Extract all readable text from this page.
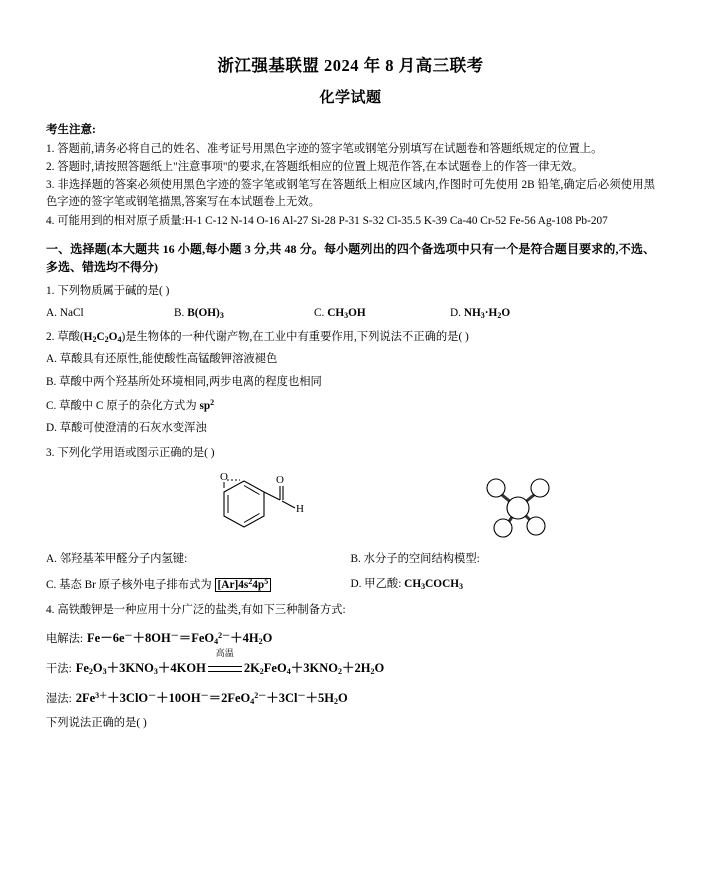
浙江强基联盟 2024 年 8 月高三联考
化学试题
考生注意:
1. 答题前,请务必将自己的姓名、准考证号用黑色字迹的签字笔或钢笔分别填写在试题卷和答题纸规定的位置上。
2. 答题时,请按照答题纸上"注意事项"的要求,在答题纸相应的位置上规范作答,在本试题卷上的作答一律无效。
3. 非选择题的答案必须使用黑色字迹的签字笔或钢笔写在答题纸上相应区域内,作图时可先使用 2B 铅笔,确定后必须使用黑色字迹的签字笔或钢笔描黑,答案写在本试题卷上无效。
4. 可能用到的相对原子质量:H-1 C-12 N-14 O-16 Al-27 Si-28 P-31 S-32 Cl-35.5 K-39 Ca-40 Cr-52 Fe-56 Ag-108 Pb-207
一、选择题(本大题共 16 小题,每小题 3 分,共 48 分。每小题列出的四个备选项中只有一个是符合题目要求的,不选、多选、错选均不得分)
1. 下列物质属于碱的是( )
A. NaCl	B. $B(OH)_3$	C. $CH_3OH$	D. $NH_3\cdot H_2O$
2. 草酸$(H_2C_2O_4)$是生物体的一种代谢产物,在工业中有重要作用,下列说法不正确的是( )
A. 草酸具有还原性,能使酸性高锰酸钾溶液褪色
B. 草酸中两个羟基所处环境相同,两步电离的程度也相同
C. 草酸中 C 原子的杂化方式为 $sp^2$
D. 草酸可使澄清的石灰水变浑浊
3. 下列化学用语或图示正确的是( )
O	O
H
A. 邻羟基苯甲醛分子内氢键:	B. 水分子的空间结构模型:
C. 基态 Br 原子核外电子排布式为 $[Ar]4s^24p^5$	D. 甲乙酸: $CH_3COCH_3$
4. 高铁酸钾是一种应用十分广泛的盐类,有如下三种制备方式:
电解法: $Fe-6e^-+8OH^-=FeO_4^{2-}+4H_2O$
干法: $Fe_2O_3+3KNO_3+4KOH$
高温
$2K_2FeO_4+3KNO_2+2H_2O$
湿法: $2Fe^{3+}+3ClO^-+10OH^-=2FeO_4^{2-}+3Cl^-+5H_2O$
下列说法正确的是( )
